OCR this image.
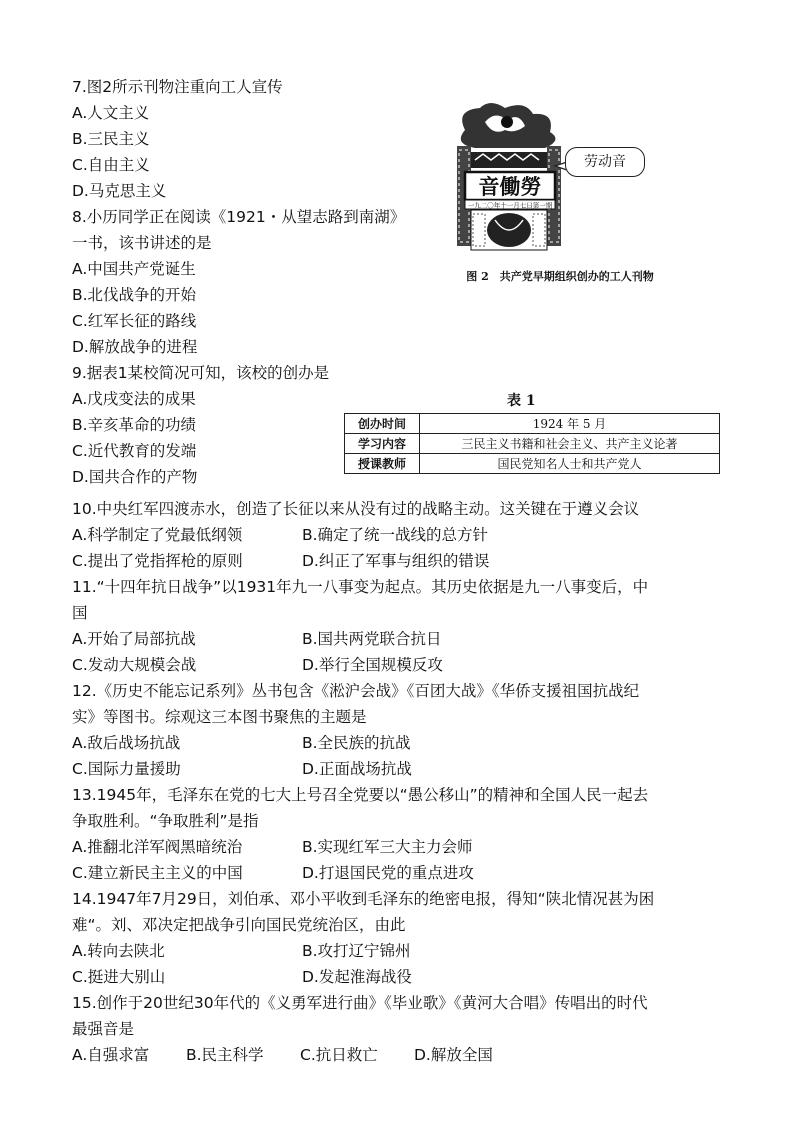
7.图2所示刊物注重向工人宣传
A.人文主义
B.三民主义
C.自由主义
D.马克思主义	音働勞
一九二〇年十一月七日第一期
劳动音
图 2　共产党早期组织创办的工人刊物
8.小历同学正在阅读《1921・从望志路到南湖》
一书，该书讲述的是
A.中国共产党诞生
B.北伐战争的开始
C.红军长征的路线
D.解放战争的进程
9.据表1某校简况可知，该校的创办是
A.戊戌变法的成果
B.辛亥革命的功绩
C.近代教育的发端
D.国共合作的产物
表 1
创办时间	1924 年 5 月
学习内容	三民主义书籍和社会主义、共产主义论著
授课教师	国民党知名人士和共产党人
10.中央红军四渡赤水，创造了长征以来从没有过的战略主动。这关键在于遵义会议
A.科学制定了党最低纲领	B.确定了统一战线的总方针
C.提出了党指挥枪的原则	D.纠正了军事与组织的错误
11.“十四年抗日战争”以1931年九一八事变为起点。其历史依据是九一八事变后，中
国
A.开始了局部抗战	B.国共两党联合抗日
C.发动大规模会战	D.举行全国规模反攻
12.《历史不能忘记系列》丛书包含《淞沪会战》《百团大战》《华侨支援祖国抗战纪
实》等图书。综观这三本图书聚焦的主题是
A.敌后战场抗战	B.全民族的抗战
C.国际力量援助	D.正面战场抗战
13.1945年，毛泽东在党的七大上号召全党要以“愚公移山”的精神和全国人民一起去
争取胜利。“争取胜利”是指
A.推翻北洋军阀黑暗统治	B.实现红军三大主力会师
C.建立新民主主义的中国	D.打退国民党的重点进攻
14.1947年7月29日，刘伯承、邓小平收到毛泽东的绝密电报，得知“陕北情况甚为困
难“。刘、邓决定把战争引向国民党统治区，由此
A.转向去陕北	B.攻打辽宁锦州
C.挺进大别山	D.发起淮海战役
15.创作于20世纪30年代的《义勇军进行曲》《毕业歌》《黄河大合唱》传唱出的时代
最强音是
A.自强求富 B.民主科学 C.抗日救亡 D.解放全国
